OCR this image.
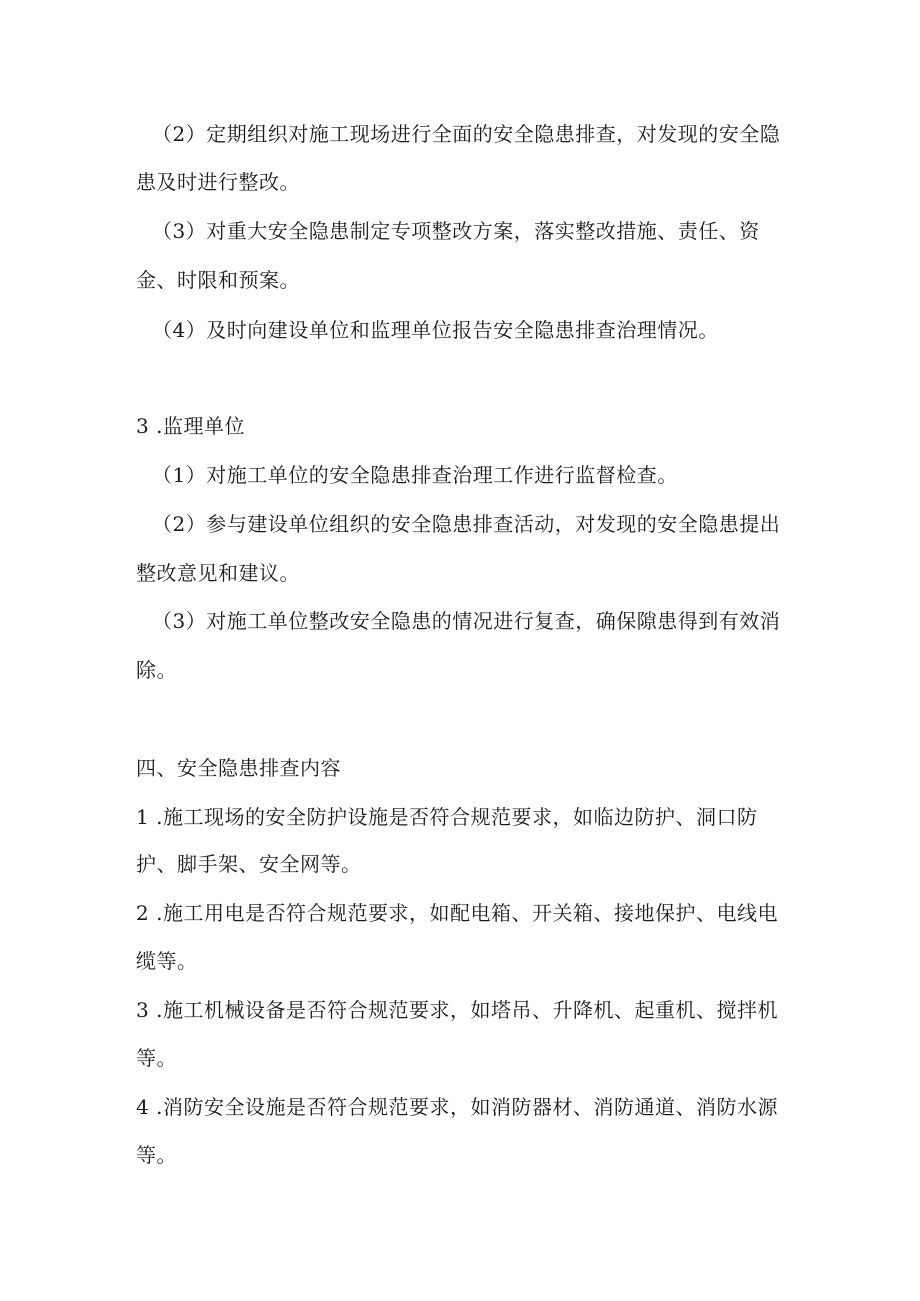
（2）定期组织对施工现场进行全面的安全隐患排查，对发现的安全隐
患及时进行整改。
（3）对重大安全隐患制定专项整改方案，落实整改措施、责任、资
金、时限和预案。
（4）及时向建设单位和监理单位报告安全隐患排查治理情况。
3 .监理单位
（1）对施工单位的安全隐患排查治理工作进行监督检查。
（2）参与建设单位组织的安全隐患排查活动，对发现的安全隐患提出
整改意见和建议。
（3）对施工单位整改安全隐患的情况进行复查，确保隙患得到有效消
除。
四、安全隐患排查内容
1 .施工现场的安全防护设施是否符合规范要求，如临边防护、洞口防
护、脚手架、安全网等。
2 .施工用电是否符合规范要求，如配电箱、开关箱、接地保护、电线电
缆等。
3 .施工机械设备是否符合规范要求，如塔吊、升降机、起重机、搅拌机
等。
4 .消防安全设施是否符合规范要求，如消防器材、消防通道、消防水源
等。
